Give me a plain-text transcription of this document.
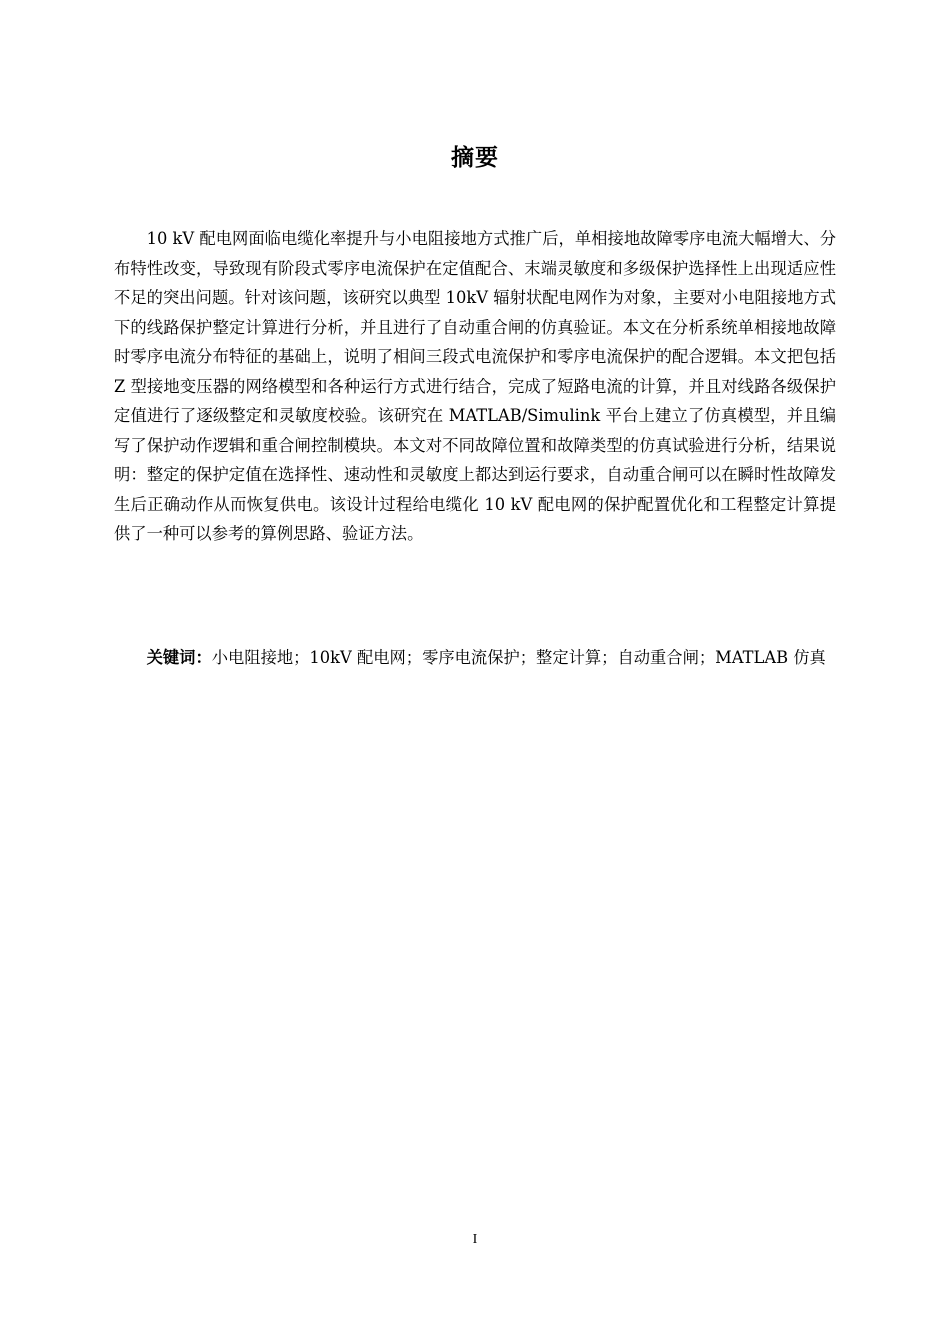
摘要

10 kV 配电网面临电缆化率提升与小电阻接地方式推广后，单相接地故障零序电流大幅增大、分布特性改变，导致现有阶段式零序电流保护在定值配合、末端灵敏度和多级保护选择性上出现适应性不足的突出问题。针对该问题，该研究以典型 10kV 辐射状配电网作为对象，主要对小电阻接地方式下的线路保护整定计算进行分析，并且进行了自动重合闸的仿真验证。本文在分析系统单相接地故障时零序电流分布特征的基础上，说明了相间三段式电流保护和零序电流保护的配合逻辑。本文把包括 Z 型接地变压器的网络模型和各种运行方式进行结合，完成了短路电流的计算，并且对线路各级保护定值进行了逐级整定和灵敏度校验。该研究在 MATLAB/Simulink 平台上建立了仿真模型，并且编写了保护动作逻辑和重合闸控制模块。本文对不同故障位置和故障类型的仿真试验进行分析，结果说明：整定的保护定值在选择性、速动性和灵敏度上都达到运行要求，自动重合闸可以在瞬时性故障发生后正确动作从而恢复供电。该设计过程给电缆化 10 kV 配电网的保护配置优化和工程整定计算提供了一种可以参考的算例思路、验证方法。

关键词：小电阻接地；10kV 配电网；零序电流保护；整定计算；自动重合闸；MATLAB 仿真

I
